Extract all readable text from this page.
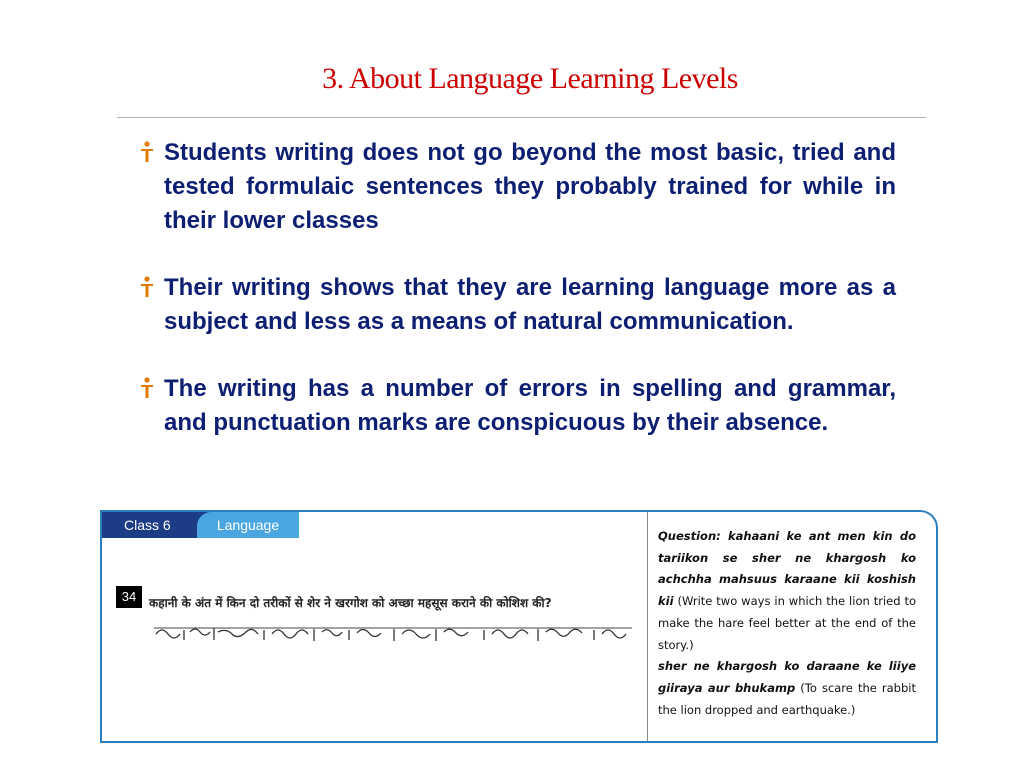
3. About Language Learning Levels
Students writing does not go beyond the most basic, tried and tested formulaic sentences they probably trained for while in their lower classes
Their writing shows that they are learning language more as a subject and less as a means of natural communication.
The writing has a number of errors in spelling and grammar, and punctuation marks are conspicuous by their absence.
Class 6	Language
34	कहानी के अंत में किन दो तरीकों से शेर ने खरगोश को अच्छा महसूस कराने की कोशिश की?
Question: kahaani ke ant men kin do tariikon se sher ne khargosh ko achchha mahsuus karaane kii koshish kii (Write two ways in which the lion tried to make the hare feel better at the end of the story.)
sher ne khargosh ko daraane ke liiye giiraya aur bhukamp (To scare the rabbit the lion dropped and earthquake.)
